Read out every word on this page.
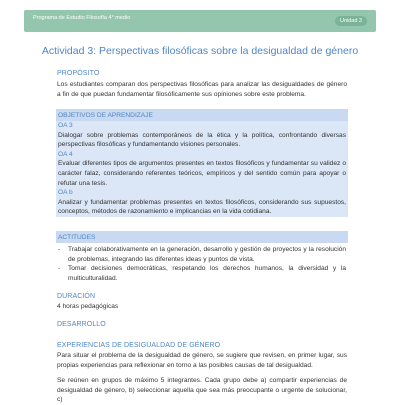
Programa de Estudio Filosofía 4° medio	Unidad 3
Actividad 3: Perspectivas filosóficas sobre la desigualdad de género
PROPÓSITO
Los estudiantes comparan dos perspectivas filosóficas para analizar las desigualdades de género a fin de que puedan fundamentar filosóficamente sus opiniones sobre este problema.
OBJETIVOS DE APRENDIZAJE
OA 3
Dialogar sobre problemas contemporáneos de la ética y la política, confrontando diversas perspectivas filosóficas y fundamentando visiones personales.
OA 4
Evaluar diferentes tipos de argumentos presentes en textos filosóficos y fundamentar su validez o carácter falaz, considerando referentes teóricos, empíricos y del sentido común para apoyar o refutar una tesis.
OA b
Analizar y fundamentar problemas presentes en textos filosóficos, considerando sus supuestos, conceptos, métodos de razonamiento e implicancias en la vida cotidiana.
ACTITUDES
-	Trabajar colaborativamente en la generación, desarrollo y gestión de proyectos y la resolución de problemas, integrando las diferentes ideas y puntos de vista.
-	Tomar decisiones democráticas, respetando los derechos humanos, la diversidad y la multiculturalidad.
DURACIÓN
4 horas pedagógicas
DESARROLLO
EXPERIENCIAS DE DESIGUALDAD DE GÉNERO
Para situar el problema de la desigualdad de género, se sugiere que revisen, en primer lugar, sus propias experiencias para reflexionar en torno a las posibles causas de tal desigualdad.
Se reúnen en grupos de máximo 5 integrantes. Cada grupo debe a) compartir experiencias de desigualdad de género, b) seleccionar aquella que sea más preocupante o urgente de solucionar, c)
